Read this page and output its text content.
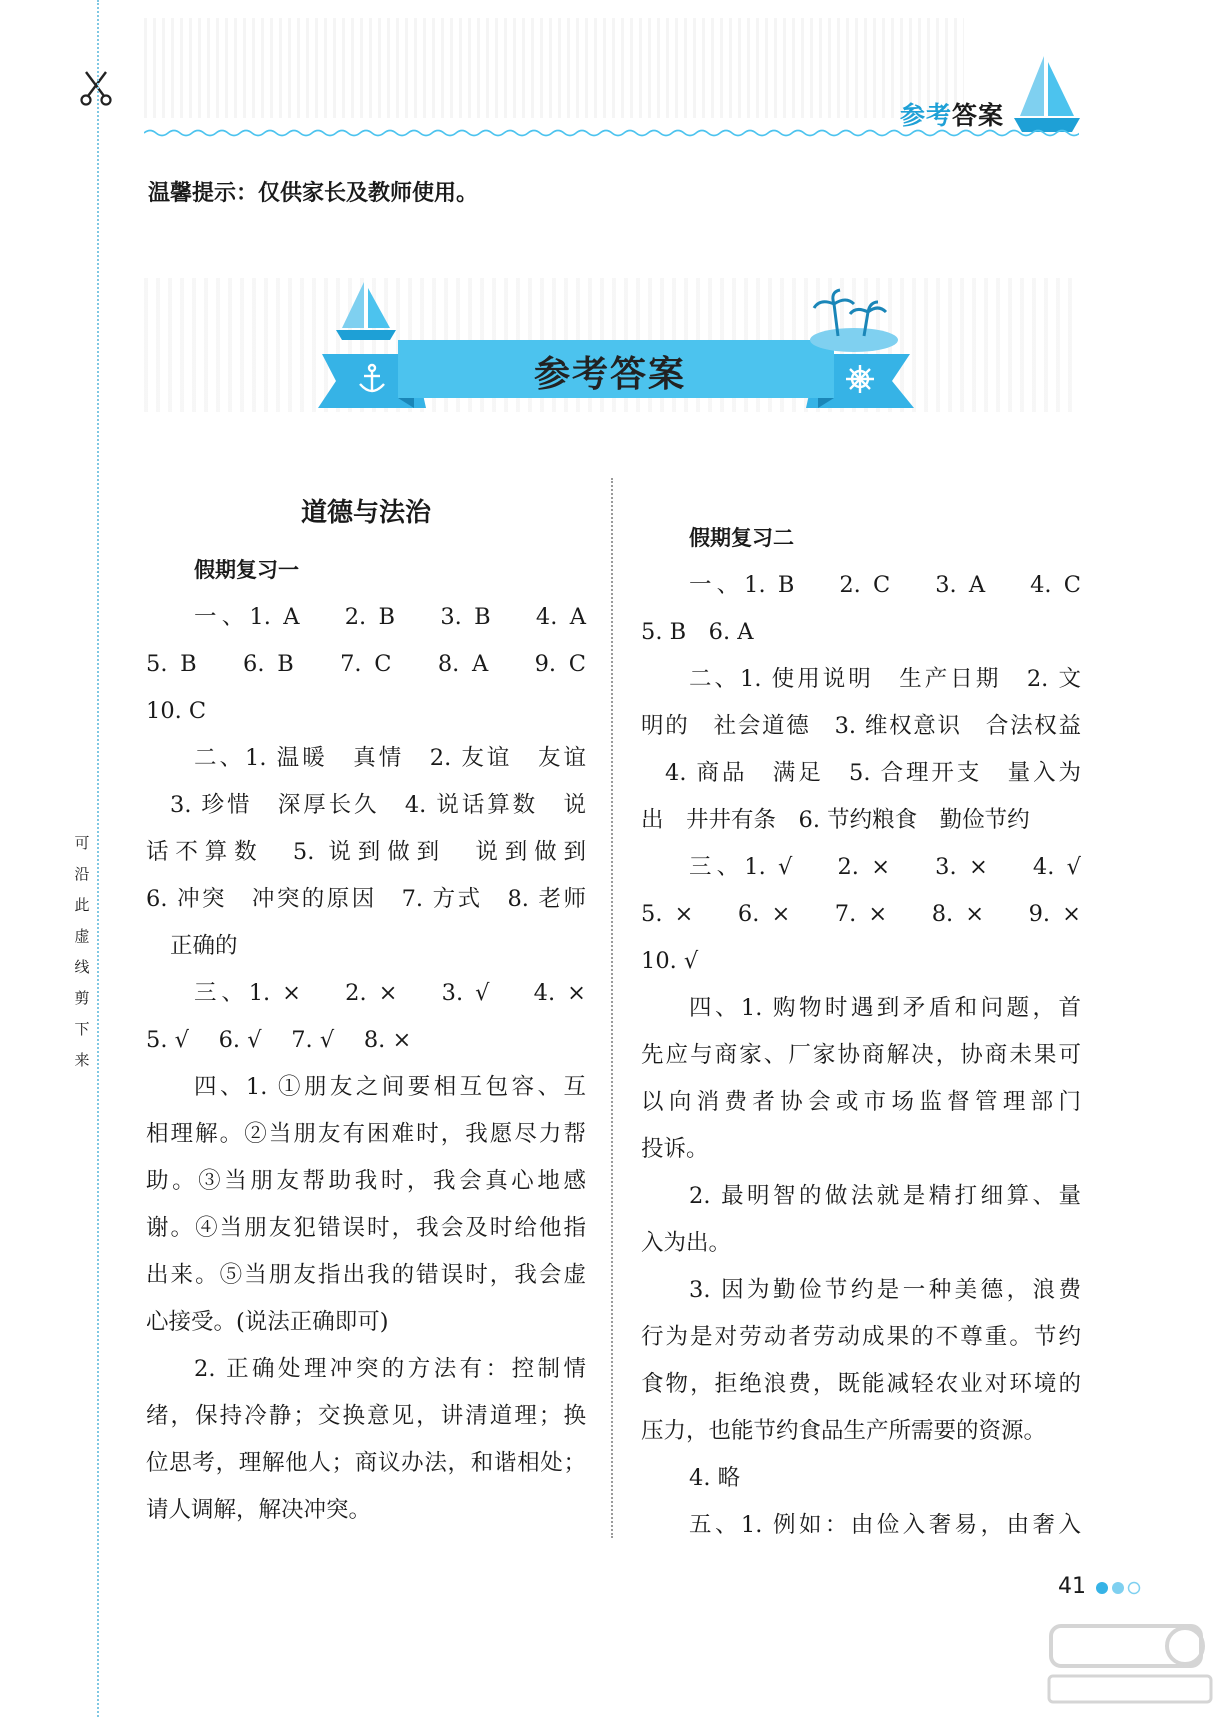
可
沿
此
虚
线
剪
下
来
参考答案
温馨提示：仅供家长及教师使用。
参考答案
道德与法治
假期复习一
一、1. A　 2. B　 3. B　 4. A
5. B　 6. B　 7. C　 8. A　 9. C
10. C
二、1. 温暖　真情　2. 友谊　友谊
3. 珍惜　深厚长久　4. 说话算数　说
话不算数　5. 说到做到　说到做到
6. 冲突　冲突的原因　7. 方式　8. 老师
正确的
三、1. ×　 2. ×　 3. √　 4. ×
5. √　 6. √　 7. √　 8. ×
四、1. ①朋友之间要相互包容、互
相理解。②当朋友有困难时，我愿尽力帮
助。③当朋友帮助我时，我会真心地感
谢。④当朋友犯错误时，我会及时给他指
出来。⑤当朋友指出我的错误时，我会虚
心接受。(说法正确即可)
2. 正确处理冲突的方法有：控制情
绪，保持冷静；交换意见，讲清道理；换
位思考，理解他人；商议办法，和谐相处；
请人调解，解决冲突。
假期复习二
一、1. B　 2. C　 3. A　 4. C
5. B　6. A
二、1. 使用说明　生产日期　2. 文
明的　社会道德　3. 维权意识　合法权益
4. 商品　满足　5. 合理开支　量入为
出　井井有条　6. 节约粮食　勤俭节约
三、1. √　 2. ×　 3. ×　 4. √
5. ×　 6. ×　 7. ×　 8. ×　 9. ×
10. √
四、1. 购物时遇到矛盾和问题，首
先应与商家、厂家协商解决，协商未果可
以向消费者协会或市场监督管理部门
投诉。
2. 最明智的做法就是精打细算、量
入为出。
3. 因为勤俭节约是一种美德，浪费
行为是对劳动者劳动成果的不尊重。节约
食物，拒绝浪费，既能减轻农业对环境的
压力，也能节约食品生产所需要的资源。
4. 略
五、1. 例如：由俭入奢易，由奢入
41
